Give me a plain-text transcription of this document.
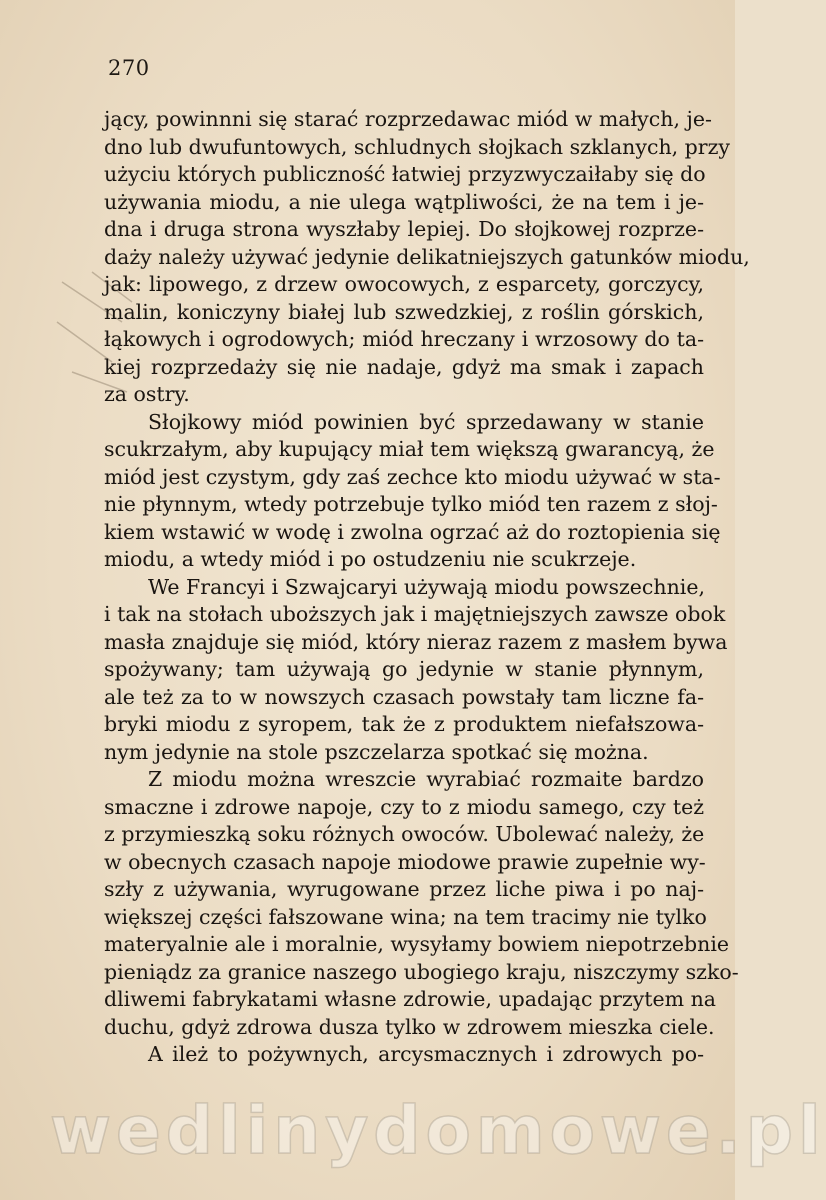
270
jący, powinnni się starać rozprzedawac miód w małych, je-
dno lub dwufuntowych, schludnych słojkach szklanych, przy
użyciu których publiczność łatwiej przyzwyczaiłaby się do
używania miodu, a nie ulega wątpliwości, że na tem i je-
dna i druga strona wyszłaby lepiej. Do słojkowej rozprze-
daży należy używać jedynie delikatniejszych gatunków miodu,
jak: lipowego, z drzew owocowych, z esparcety, gorczycy,
malin, koniczyny białej lub szwedzkiej, z roślin górskich,
łąkowych i ogrodowych; miód hreczany i wrzosowy do ta-
kiej rozprzedaży się nie nadaje, gdyż ma smak i zapach
za ostry.
Słojkowy miód powinien być sprzedawany w stanie
scukrzałym, aby kupujący miał tem większą gwarancyą, że
miód jest czystym, gdy zaś zechce kto miodu używać w sta-
nie płynnym, wtedy potrzebuje tylko miód ten razem z słoj-
kiem wstawić w wodę i zwolna ogrzać aż do roztopienia się
miodu, a wtedy miód i po ostudzeniu nie scukrzeje.
We Francyi i Szwajcaryi używają miodu powszechnie,
i tak na stołach uboższych jak i majętniejszych zawsze obok
masła znajduje się miód, który nieraz razem z masłem bywa
spożywany; tam używają go jedynie w stanie płynnym,
ale też za to w nowszych czasach powstały tam liczne fa-
bryki miodu z syropem, tak że z produktem niefałszowa-
nym jedynie na stole pszczelarza spotkać się można.
Z miodu można wreszcie wyrabiać rozmaite bardzo
smaczne i zdrowe napoje, czy to z miodu samego, czy też
z przymieszką soku różnych owoców. Ubolewać należy, że
w obecnych czasach napoje miodowe prawie zupełnie wy-
szły z używania, wyrugowane przez liche piwa i po naj-
większej części fałszowane wina; na tem tracimy nie tylko
materyalnie ale i moralnie, wysyłamy bowiem niepotrzebnie
pieniądz za granice naszego ubogiego kraju, niszczymy szko-
dliwemi fabrykatami własne zdrowie, upadając przytem na
duchu, gdyż zdrowa dusza tylko w zdrowem mieszka ciele.
A ileż to pożywnych, arcysmacznych i zdrowych po-
wedlinydomowe.pl
